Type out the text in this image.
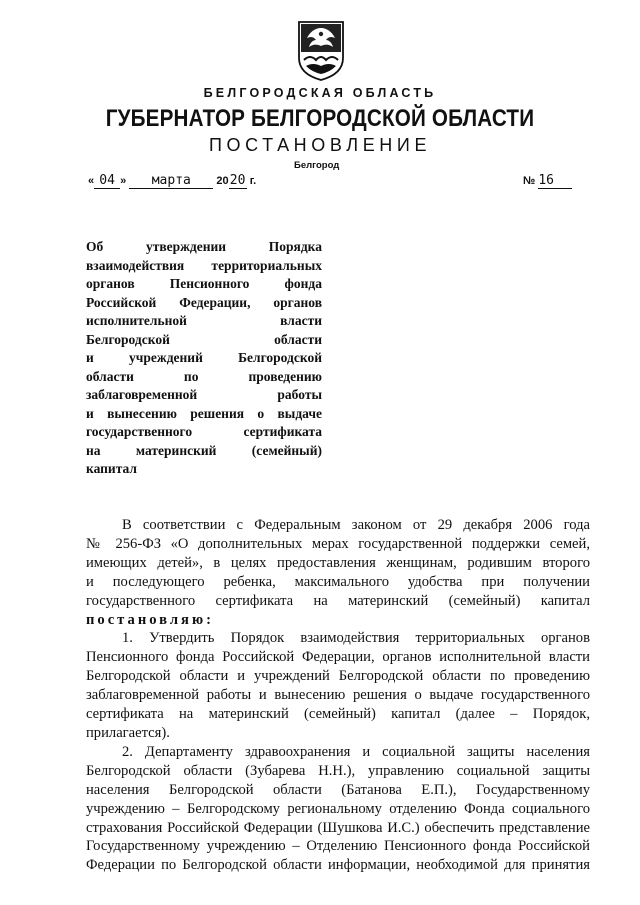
БЕЛГОРОДСКАЯ ОБЛАСТЬ
ГУБЕРНАТОР БЕЛГОРОДСКОЙ ОБЛАСТИ
ПОСТАНОВЛЕНИЕ
Белгород
« 04 » марта 2020 г.	№ 16
Об утверждении Порядка
взаимодействия территориальных
органов Пенсионного фонда
Российской Федерации, органов
исполнительной власти
Белгородской области
и учреждений Белгородской
области по проведению
заблаговременной работы
и вынесению решения о выдаче
государственного сертификата
на материнский (семейный)
капитал
В соответствии с Федеральным законом от 29 декабря 2006 года
№ 256-ФЗ «О дополнительных мерах государственной поддержки семей,
имеющих детей», в целях предоставления женщинам, родившим второго
и последующего ребенка, максимального удобства при получении
государственного сертификата на материнский (семейный) капитал
постановляю:
1. Утвердить Порядок взаимодействия территориальных органов
Пенсионного фонда Российской Федерации, органов исполнительной власти
Белгородской области и учреждений Белгородской области по проведению
заблаговременной работы и вынесению решения о выдаче государственного
сертификата на материнский (семейный) капитал (далее – Порядок,
прилагается).
2. Департаменту здравоохранения и социальной защиты населения
Белгородской области (Зубарева Н.Н.), управлению социальной защиты
населения Белгородской области (Батанова Е.П.), Государственному
учреждению – Белгородскому региональному отделению Фонда социального
страхования Российской Федерации (Шушкова И.С.) обеспечить представление
Государственному учреждению – Отделению Пенсионного фонда Российской
Федерации по Белгородской области информации, необходимой для принятия
